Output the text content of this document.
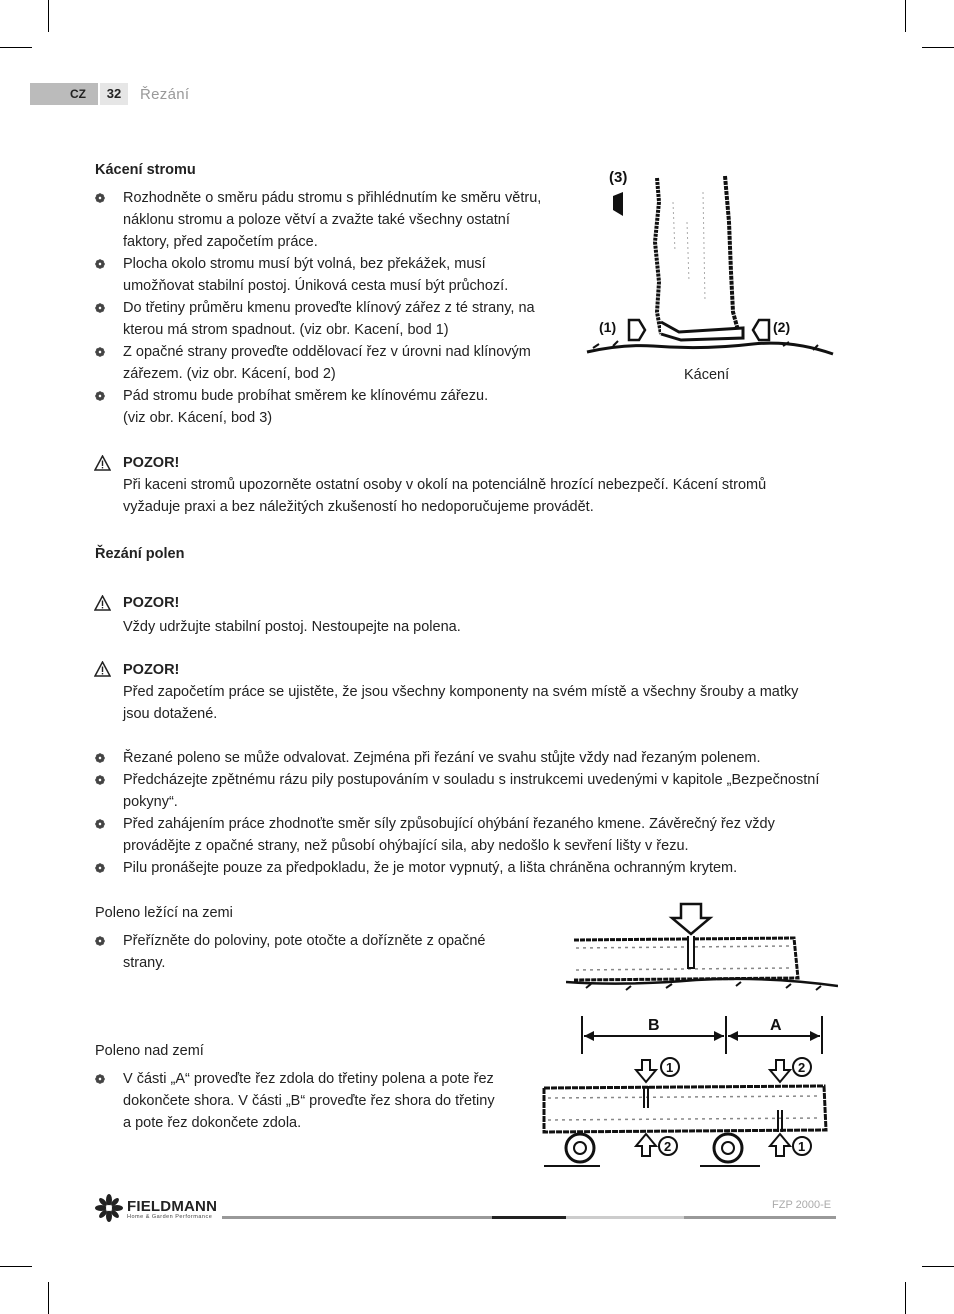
CZ	32	Řezání
Kácení stromu
Rozhodněte o směru pádu stromu s přihlédnutím ke směru větru,
náklonu stromu a poloze větví a zvažte také všechny ostatní
faktory, před započetím práce.
Plocha okolo stromu musí být volná, bez překážek, musí
umožňovat stabilní postoj. Úniková cesta musí být průchozí.
Do třetiny průměru kmenu proveďte klínový zářez z té strany, na
kterou má strom spadnout. (viz obr. Kacení, bod 1)
Z opačné strany proveďte oddělovací řez v úrovni nad klínovým
zářezem. (viz obr. Kácení, bod 2)
Pád stromu bude probíhat směrem ke klínovému zářezu.
(viz obr. Kácení, bod 3)
(3)
(1)	(2)
Kácení
POZOR!
Při kaceni stromů upozorněte ostatní osoby v okolí na potenciálně hrozící nebezpečí. Kácení stromů
vyžaduje praxi a bez náležitých zkušeností ho nedoporučujeme provádět.
Řezání polen
POZOR!
Vždy udržujte stabilní postoj. Nestoupejte na polena.
POZOR!
Před započetím práce se ujistěte, že jsou všechny komponenty na svém místě a všechny šrouby a matky
jsou dotažené.
Řezané poleno se může odvalovat. Zejména při řezání ve svahu stůjte vždy nad řezaným polenem.
Předcházejte zpětnému rázu pily postupováním v souladu s instrukcemi uvedenými v kapitole „Bezpečnostní
pokyny“.
Před zahájením práce zhodnoťte směr síly způsobující ohýbání řezaného kmene. Závěrečný řez vždy
provádějte z opačné strany, než působí ohýbající sila, aby nedošlo k sevření lišty v řezu.
Pilu pronášejte pouze za předpokladu, že je motor vypnutý, a lišta chráněna ochranným krytem.
Poleno ležící na zemi
Přeřízněte do poloviny, pote otočte a dořízněte z opačné
strany.
Poleno nad zemí
V části „A“ proveďte řez zdola do třetiny polena a pote řez
dokončete shora. V části „B“ proveďte řez shora do třetiny
a pote řez dokončete zdola.
B	A
1	2
2	1
FIELDMANN
Home & Garden Performance
FZP 2000-E
